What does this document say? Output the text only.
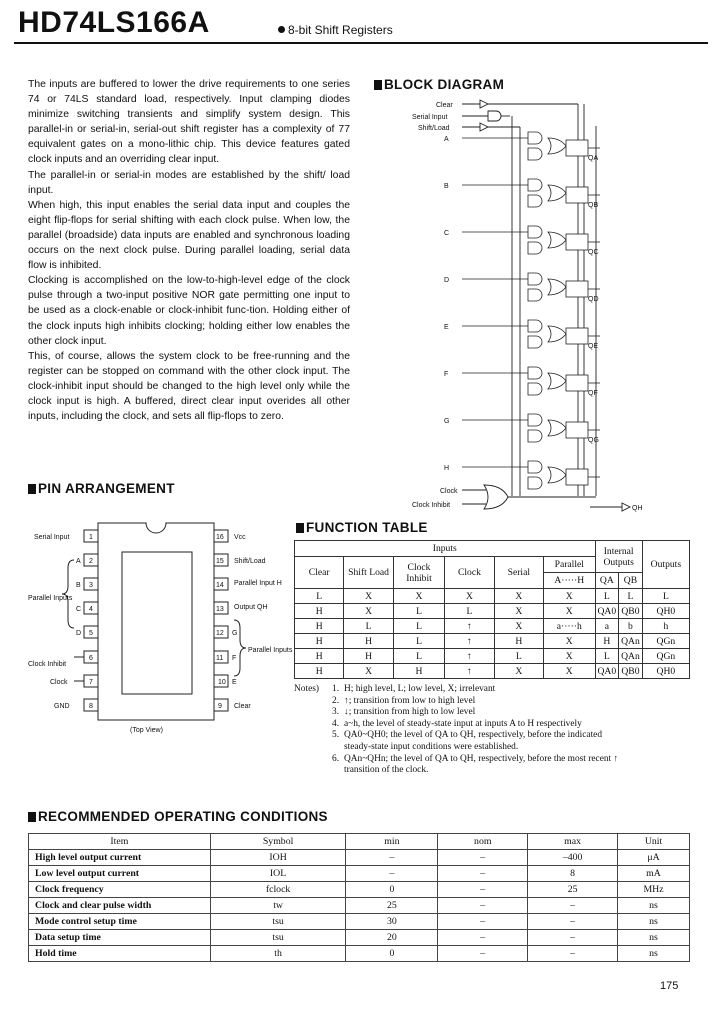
HD74LS166A	8-bit Shift Registers

The inputs are buffered to lower the drive requirements to one series 74 or 74LS standard load, respectively. Input clamping diodes minimize switching transients and simplify system design. This parallel-in or serial-in, serial-out shift register has a complexity of 77 equivalent gates on a mono-lithic chip. This device features gated clock inputs and an overriding clear input.

The parallel-in or serial-in modes are established by the shift/ load input.

When high, this input enables the serial data input and couples the eight flip-flops for serial shifting with each clock pulse. When low, the parallel (broadside) data inputs are enabled and synchronous loading occurs on the next clock pulse. During parallel loading, serial data flow is inhibited.

Clocking is accomplished on the low-to-high-level edge of the clock pulse through a two-input positive NOR gate permitting one input to be used as a clock-enable or clock-inhibit func-tion. Holding either of the clock inputs high inhibits clocking; holding either low enables the other clock input.

This, of course, allows the system clock to be free-running and the register can be stopped on command with the other clock input. The clock-inhibit input should be changed to the high level only while the clock input is high. A buffered, direct clear input overides all other inputs, including the clock, and sets all flip-flops to zero.

BLOCK DIAGRAM
Clear
Serial Input
Shift/Load
A
B
C
D
E
F
G
H
QA
QB
QC
QD
QE
QF
QG
Clock
Clock Inhibit	QH
PIN ARRANGEMENT
1
2
3
4
5
6
7
8
16
15
14
13
12
11
10
9
Serial Input
A
B
C
D
Clock Inhibit
Clock
GND
Parallel Inputs
Vcc
Shift/Load
Parallel Input H
Output QH
G
F
E
Clear
Parallel Inputs
(Top View)
FUNCTION TABLE
Inputs						Internal Outputs		Outputs
Clear	Shift Load	Clock Inhibit	Clock	Serial	Parallel			
					A·····H	QA	QB	
L	X	X	X	X	X	L	L	L
H	X	L	L	X	X	QA0	QB0	QH0
H	L	L	↑	X	a·····h	a	b	h
H	H	L	↑	H	X	H	QAn	QGn
H	H	L	↑	L	X	L	QAn	QGn
H	X	H	↑	X	X	QA0	QB0	QH0
Notes)	1. H; high level, L; low level, X; irrelevant
2. ↑; transition from low to high level
3. ↓; transition from high to low level
4. a~h, the level of steady-state input at inputs A to H respectively
5. QA0~QH0; the level of QA to QH, respectively, before the indicated steady-state input conditions were established.
6. QAn~QHn; the level of QA to QH, respectively, before the most recent ↑ transition of the clock.
RECOMMENDED OPERATING CONDITIONS
Item	Symbol	min	nom	max	Unit
High level output current	IOH	–	–	–400	μA
Low level output current	IOL	–	–	8	mA
Clock frequency	fclock	0	–	25	MHz
Clock and clear pulse width	tw	25	–	–	ns
Mode control setup time	tsu	30	–	–	ns
Data setup time	tsu	20	–	–	ns
Hold time	th	0	–	–	ns
175
